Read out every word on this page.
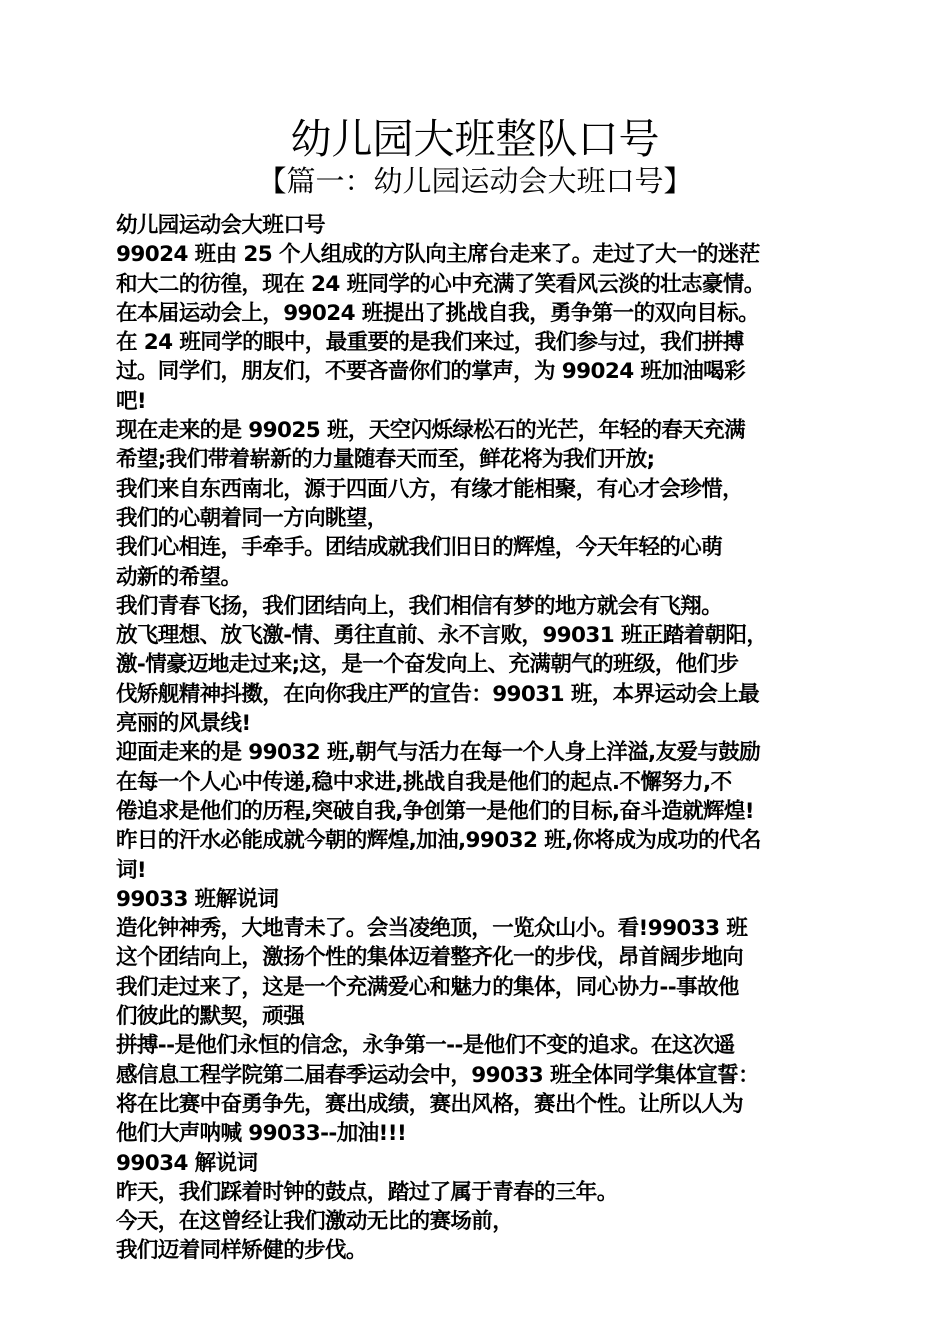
幼儿园大班整队口号
【篇一：幼儿园运动会大班口号】
幼儿园运动会大班口号
99024 班由 25 个人组成的方队向主席台走来了。走过了大一的迷茫
和大二的彷徨，现在 24 班同学的心中充满了笑看风云淡的壮志豪情。
在本届运动会上，99024 班提出了挑战自我，勇争第一的双向目标。
在 24 班同学的眼中，最重要的是我们来过，我们参与过，我们拼搏
过。同学们，朋友们，不要吝啬你们的掌声，为 99024 班加油喝彩
吧!
现在走来的是 99025 班，天空闪烁绿松石的光芒，年轻的春天充满
希望;我们带着崭新的力量随春天而至，鲜花将为我们开放;
我们来自东西南北，源于四面八方，有缘才能相聚，有心才会珍惜，
我们的心朝着同一方向眺望，
我们心相连，手牵手。团结成就我们旧日的辉煌，今天年轻的心萌
动新的希望。
我们青春飞扬，我们团结向上，我们相信有梦的地方就会有飞翔。
放飞理想、放飞激-情、勇往直前、永不言败，99031 班正踏着朝阳，
激-情豪迈地走过来;这，是一个奋发向上、充满朝气的班级，他们步
伐矫舰精神抖擞，在向你我庄严的宣告：99031 班，本界运动会上最
亮丽的风景线!
迎面走来的是 99032 班,朝气与活力在每一个人身上洋溢,友爱与鼓励
在每一个人心中传递,稳中求进,挑战自我是他们的起点.不懈努力,不
倦追求是他们的历程,突破自我,争创第一是他们的目标,奋斗造就辉煌!
昨日的汗水必能成就今朝的辉煌,加油,99032 班,你将成为成功的代名
词!
99033 班解说词
造化钟神秀，大地青未了。会当凌绝顶，一览众山小。看!99033 班
这个团结向上，激扬个性的集体迈着整齐化一的步伐，昂首阔步地向
我们走过来了，这是一个充满爱心和魅力的集体，同心协力--事故他
们彼此的默契，顽强
拼搏--是他们永恒的信念，永争第一--是他们不变的追求。在这次遥
感信息工程学院第二届春季运动会中，99033 班全体同学集体宣誓：
将在比赛中奋勇争先，赛出成绩，赛出风格，赛出个性。让所以人为
他们大声呐喊 99033--加油!!!
99034 解说词
昨天，我们踩着时钟的鼓点，踏过了属于青春的三年。
今天，在这曾经让我们激动无比的赛场前，
我们迈着同样矫健的步伐。
